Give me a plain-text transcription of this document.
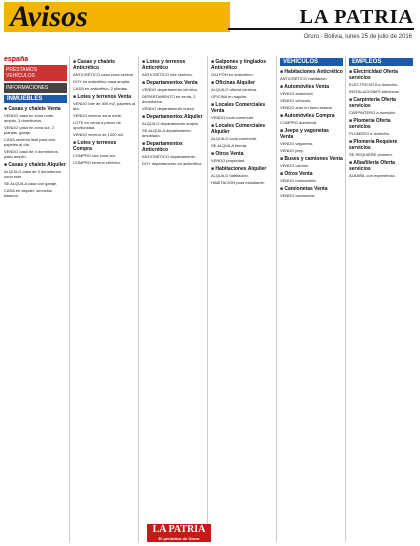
Avisos	LA PATRIA
Oruro - Bolivia, lunes 25 de julio de 2016
españa
PRÉSTAMOS VEHÍCULOS
INFORMACIONES
INMUEBLES
■ Casas y chalets Venta
VENDO casa en zona norte, amplia, 3 dormitorios.
VENDO casa en zona sur, 2 plantas, garaje.
CASA céntrica lista para vivir, papeles al día.
VENDO casa de 4 dormitorios, patio amplio.
■ Casas y chalets Alquiler
ALQUILO casa de 3 dormitorios, zona este.
SE ALQUILA casa con garaje.
CASA en alquiler, servicios básicos.
■ Casas y chalets Anticrético
ANTICRÉTICO casa zona central.
DOY en anticrético casa amplia.
CASA en anticrético, 2 plantas.
■ Lotes y terrenos Venta
VENDO lote de 300 m2, papeles al día.
VENDO terreno zona norte.
LOTE en venta a precio de oportunidad.
VENDO terreno de 1000 m2.
■ Lotes y terrenos Compra
COMPRO lote zona sur.
COMPRO terreno céntrico.
■ Lotes y terrenos Anticrético
ANTICRÉTICO lote céntrico.
■ Departamentos Venta
VENDO departamento céntrico.
DEPARTAMENTO en venta, 2 dormitorios.
VENDO departamento nuevo.
■ Departamentos Alquiler
ALQUILO departamento amplio.
SE ALQUILA departamento amoblado.
■ Departamentos Anticrético
ANTICRÉTICO departamento.
DOY departamento en anticrético.
■ Galpones y tinglados Anticrético
GALPÓN en anticrético.
■ Oficinas Alquiler
ALQUILO oficina céntrica.
OFICINA en alquiler.
■ Locales Comerciales Venta
VENDO local comercial.
■ Locales Comerciales Alquiler
ALQUILO local comercial.
SE ALQUILA tienda.
■ Otros Venta
VENDO propiedad.
■ Habitaciones Alquiler
ALQUILO habitación.
HABITACIÓN para estudiante.
VEHÍCULOS
■ Habitaciones Anticrético
ANTICRÉTICO habitación.
■ Automóviles Venta
VENDO automóvil.
VENDO vehículo.
VENDO auto en buen estado.
■ Automóviles Compra
COMPRO automóvil.
■ Jeeps y vagonetas Venta
VENDO vagoneta.
VENDO jeep.
■ Buses y camiones Venta
VENDO camión.
■ Otros Venta
VENDO motocicleta.
■ Camionetas Venta
VENDO camioneta.
EMPLEOS
■ Electricidad Oferta servicios
ELECTRICISTA a domicilio.
INSTALACIONES eléctricas.
■ Carpintería Oferta servicios
CARPINTERO a domicilio.
■ Plomería Oferta servicios
PLOMERO a domicilio.
■ Plomería Requiere servicios
SE REQUIERE plomero.
■ Albañilería Oferta servicios
ALBAÑIL con experiencia.
LA PATRIA
El periódico de Oruro
